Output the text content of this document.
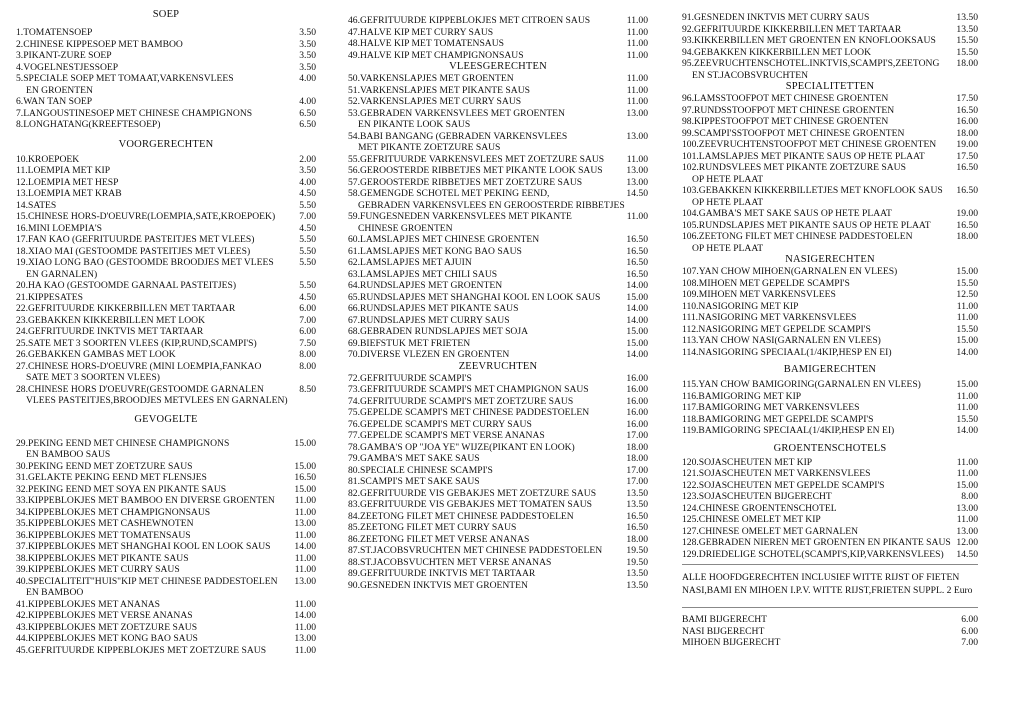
SOEP
1.TOMATENSOEP	3.50
2.CHINESE KIPPESOEP MET BAMBOO	3.50
3.PIKANT-ZURE SOEP	3.50
4.VOGELNESTJESSOEP	3.50
5.SPECIALE SOEP MET TOMAAT,VARKENSVLEES	4.00
EN GROENTEN
6.WAN TAN SOEP	4.00
7.LANGOUSTINESOEP MET CHINESE CHAMPIGNONS	6.50
8.LONGHATANG(KREEFTESOEP)	6.50
VOORGERECHTEN
10.KROEPOEK	2.00
11.LOEMPIA MET KIP	3.50
12.LOEMPIA MET HESP	4.00
13.LOEMPIA MET KRAB	4.50
14.SATES	5.50
15.CHINESE HORS-D'OEUVRE(LOEMPIA,SATE,KROEPOEK)	7.00
16.MINI LOEMPIA'S	4.50
17.FAN KAO (GEFRITUURDE PASTEITJES MET VLEES)	5.50
18.XIAO MAI (GESTOOMDE PASTEITJES MET VLEES)	5.50
19.XIAO LONG BAO (GESTOOMDE BROODJES MET VLEES	5.50
EN GARNALEN)
20.HA KAO (GESTOOMDE GARNAAL PASTEITJES)	5.50
21.KIPPESATES	4.50
22.GEFRITUURDE KIKKERBILLEN MET TARTAAR	6.00
23.GEBAKKEN KIKKERBILLEN MET LOOK	7.00
24.GEFRITUURDE INKTVIS MET TARTAAR	6.00
25.SATE MET 3 SOORTEN VLEES (KIP,RUND,SCAMPI'S)	7.50
26.GEBAKKEN GAMBAS MET LOOK	8.00
27.CHINESE HORS-D'OEUVRE (MINI LOEMPIA,FANKAO	8.00
SATE MET 3 SOORTEN VLEES)
28.CHINESE HORS D'OEUVRE(GESTOOMDE GARNALEN	8.50
VLEES PASTEITJES,BROODJES METVLEES EN GARNALEN)
GEVOGELTE
29.PEKING EEND MET CHINESE CHAMPIGNONS	15.00
EN BAMBOO SAUS
30.PEKING EEND MET ZOETZURE SAUS	15.00
31.GELAKTE PEKING EEND MET FLENSJES	16.50
32.PEKING EEND MET SOYA EN PIKANTE SAUS	15.00
33.KIPPEBLOKJES MET BAMBOO EN DIVERSE GROENTEN	11.00
34.KIPPEBLOKJES MET CHAMPIGNONSAUS	11.00
35.KIPPEBLOKJES MET CASHEWNOTEN	13.00
36.KIPPEBLOKJES MET TOMATENSAUS	11.00
37.KIPPEBLOKJES MET SHANGHAI KOOL EN LOOK SAUS	14.00
38.KIPPEBLOKJES MET PIKANTE SAUS	11.00
39.KIPPEBLOKJES MET CURRY SAUS	11.00
40.SPECIALITEIT"HUIS"KIP MET CHINESE PADDESTOELEN	13.00
EN BAMBOO
41.KIPPEBLOKJES MET ANANAS	11.00
42.KIPPEBLOKJES MET VERSE ANANAS	14.00
43.KIPPEBLOKJES MET ZOETZURE SAUS	11.00
44.KIPPEBLOKJES MET KONG BAO SAUS	13.00
45.GEFRITUURDE KIPPEBLOKJES MET ZOETZURE SAUS	11.00
46.GEFRITUURDE KIPPEBLOKJES MET CITROEN SAUS	11.00
47.HALVE KIP MET CURRY SAUS	11.00
48.HALVE KIP MET TOMATENSAUS	11.00
49.HALVE KIP MET CHAMPIGNONSAUS	11.00
VLEESGERECHTEN
50.VARKENSLAPJES MET GROENTEN	11.00
51.VARKENSLAPJES MET PIKANTE SAUS	11.00
52.VARKENSLAPJES MET CURRY SAUS	11.00
53.GEBRADEN VARKENSVLEES MET GROENTEN	13.00
EN PIKANTE LOOK SAUS
54.BABI BANGANG (GEBRADEN VARKENSVLEES	13.00
MET PIKANTE ZOETZURE SAUS
55.GEFRITUURDE VARKENSVLEES MET ZOETZURE SAUS	11.00
56.GEROOSTERDE RIBBETJES MET PIKANTE LOOK SAUS	13.00
57.GEROOSTERDE RIBBETJES MET ZOETZURE SAUS	13.00
58.GEMENGDE SCHOTEL MET PEKING EEND,	14.50
GEBRADEN VARKENSVLEES EN GEROOSTERDE RIBBETJES
59.FUNGESNEDEN VARKENSVLEES MET PIKANTE	11.00
CHINESE GROENTEN
60.LAMSLAPJES MET CHINESE GROENTEN	16.50
61.LAMSLAPJES MET KONG BAO SAUS	16.50
62.LAMSLAPJES MET AJUIN	16.50
63.LAMSLAPJES MET CHILI SAUS	16.50
64.RUNDSLAPJES MET GROENTEN	14.00
65.RUNDSLAPJES MET SHANGHAI KOOL EN LOOK SAUS	15.00
66.RUNDSLAPJES MET PIKANTE SAUS	14.00
67.RUNDSLAPJES MET CURRY SAUS	14.00
68.GEBRADEN RUNDSLAPJES MET SOJA	15.00
69.BIEFSTUK MET FRIETEN	15.00
70.DIVERSE VLEZEN EN GROENTEN	14.00
ZEEVRUCHTEN
72.GEFRITUURDE SCAMPI'S	16.00
73.GEFRITUURDE SCAMPI'S MET CHAMPIGNON SAUS	16.00
74.GEFRITUURDE SCAMPI'S MET ZOETZURE SAUS	16.00
75.GEPELDE SCAMPI'S MET CHINESE PADDESTOELEN	16.00
76.GEPELDE SCAMPI'S MET CURRY SAUS	16.00
77.GEPELDE SCAMPI'S MET VERSE ANANAS	17.00
78.GAMBA'S OP "JOA YE" WIJZE(PIKANT EN LOOK)	18.00
79.GAMBA'S MET SAKE SAUS	18.00
80.SPECIALE CHINESE SCAMPI'S	17.00
81.SCAMPI'S MET SAKE SAUS	17.00
82.GEFRITUURDE VIS GEBAKJES MET ZOETZURE SAUS	13.50
83.GEFRITUURDE VIS GEBAKJES MET TOMATEN SAUS	13.50
84.ZEETONG FILET MET CHINESE PADDESTOELEN	16.50
85.ZEETONG FILET MET CURRY SAUS	16.50
86.ZEETONG FILET MET VERSE ANANAS	18.00
87.ST.JACOBSVRUCHTEN MET CHINESE PADDESTOELEN	19.50
88.ST.JACOBSVUCHTEN MET VERSE ANANAS	19.50
89.GEFRITUURDE INKTVIS MET TARTAAR	13.50
90.GESNEDEN INKTVIS MET GROENTEN	13.50
91.GESNEDEN INKTVIS MET CURRY SAUS	13.50
92.GEFRITUURDE KIKKERBILLEN MET TARTAAR	13.50
93.KIKKERBILLEN MET GROENTEN EN KNOFLOOKSAUS	15.50
94.GEBAKKEN KIKKERBILLEN MET LOOK	15.50
95.ZEEVRUCHTENSCHOTEL.INKTVIS,SCAMPI'S,ZEETONG	18.00
EN ST.JACOBSVRUCHTEN
SPECIALITETTEN
96.LAMSSTOOFPOT MET CHINESE GROENTEN	17.50
97.RUNDSSTOOFPOT MET CHINESE GROENTEN	16.50
98.KIPPESTOOFPOT MET CHINESE GROENTEN	16.00
99.SCAMPI'SSTOOFPOT MET CHINESE GROENTEN	18.00
100.ZEEVRUCHTENSTOOFPOT MET CHINESE GROENTEN	19.00
101.LAMSLAPJES MET PIKANTE SAUS OP HETE PLAAT	17.50
102.RUNDSVLEES MET PIKANTE ZOETZURE SAUS	16.50
OP HETE PLAAT
103.GEBAKKEN KIKKERBILLETJES MET KNOFLOOK SAUS	16.50
OP HETE PLAAT
104.GAMBA'S MET SAKE SAUS OP HETE PLAAT	19.00
105.RUNDSLAPJES MET PIKANTE SAUS OP HETE PLAAT	16.50
106.ZEETONG FILET MET CHINESE PADDESTOELEN	18.00
OP HETE PLAAT
NASIGERECHTEN
107.YAN CHOW MIHOEN(GARNALEN EN VLEES)	15.00
108.MIHOEN MET GEPELDE SCAMPI'S	15.50
109.MIHOEN MET VARKENSVLEES	12.50
110.NASIGORING MET KIP	11.00
111.NASIGORING MET VARKENSVLEES	11.00
112.NASIGORING MET GEPELDE SCAMPI'S	15.50
113.YAN CHOW NASI(GARNALEN EN VLEES)	15.00
114.NASIGORING SPECIAAL(1/4KIP,HESP EN EI)	14.00
BAMIGERECHTEN
115.YAN CHOW BAMIGORING(GARNALEN EN VLEES)	15.00
116.BAMIGORING MET KIP	11.00
117.BAMIGORING MET VARKENSVLEES	11.00
118.BAMIGORING MET GEPELDE SCAMPI'S	15.50
119.BAMIGORING SPECIAAL(1/4KIP,HESP EN EI)	14.00
GROENTENSCHOTELS
120.SOJASCHEUTEN MET KIP	11.00
121.SOJASCHEUTEN MET VARKENSVLEES	11.00
122.SOJASCHEUTEN MET GEPELDE SCAMPI'S	15.00
123.SOJASCHEUTEN BIJGERECHT	8.00
124.CHINESE GROENTENSCHOTEL	13.00
125.CHINESE OMELET MET KIP	11.00
127.CHINESE OMELET MET GARNALEN	13.00
128.GEBRADEN NIEREN MET GROENTEN EN PIKANTE SAUS 12.00
129.DRIEDELIGE SCHOTEL(SCAMPI'S,KIP,VARKENSVLEES)	14.50
ALLE HOOFDGERECHTEN INCLUSIEF WITTE RIJST OF FIETEN
NASI,BAMI EN MIHOEN I.P.V. WITTE RIJST,FRIETEN SUPPL. 2 Euro
BAMI BIJGERECHT	6.00
NASI BIJGERECHT	6.00
MIHOEN BIJGERECHT	7.00
